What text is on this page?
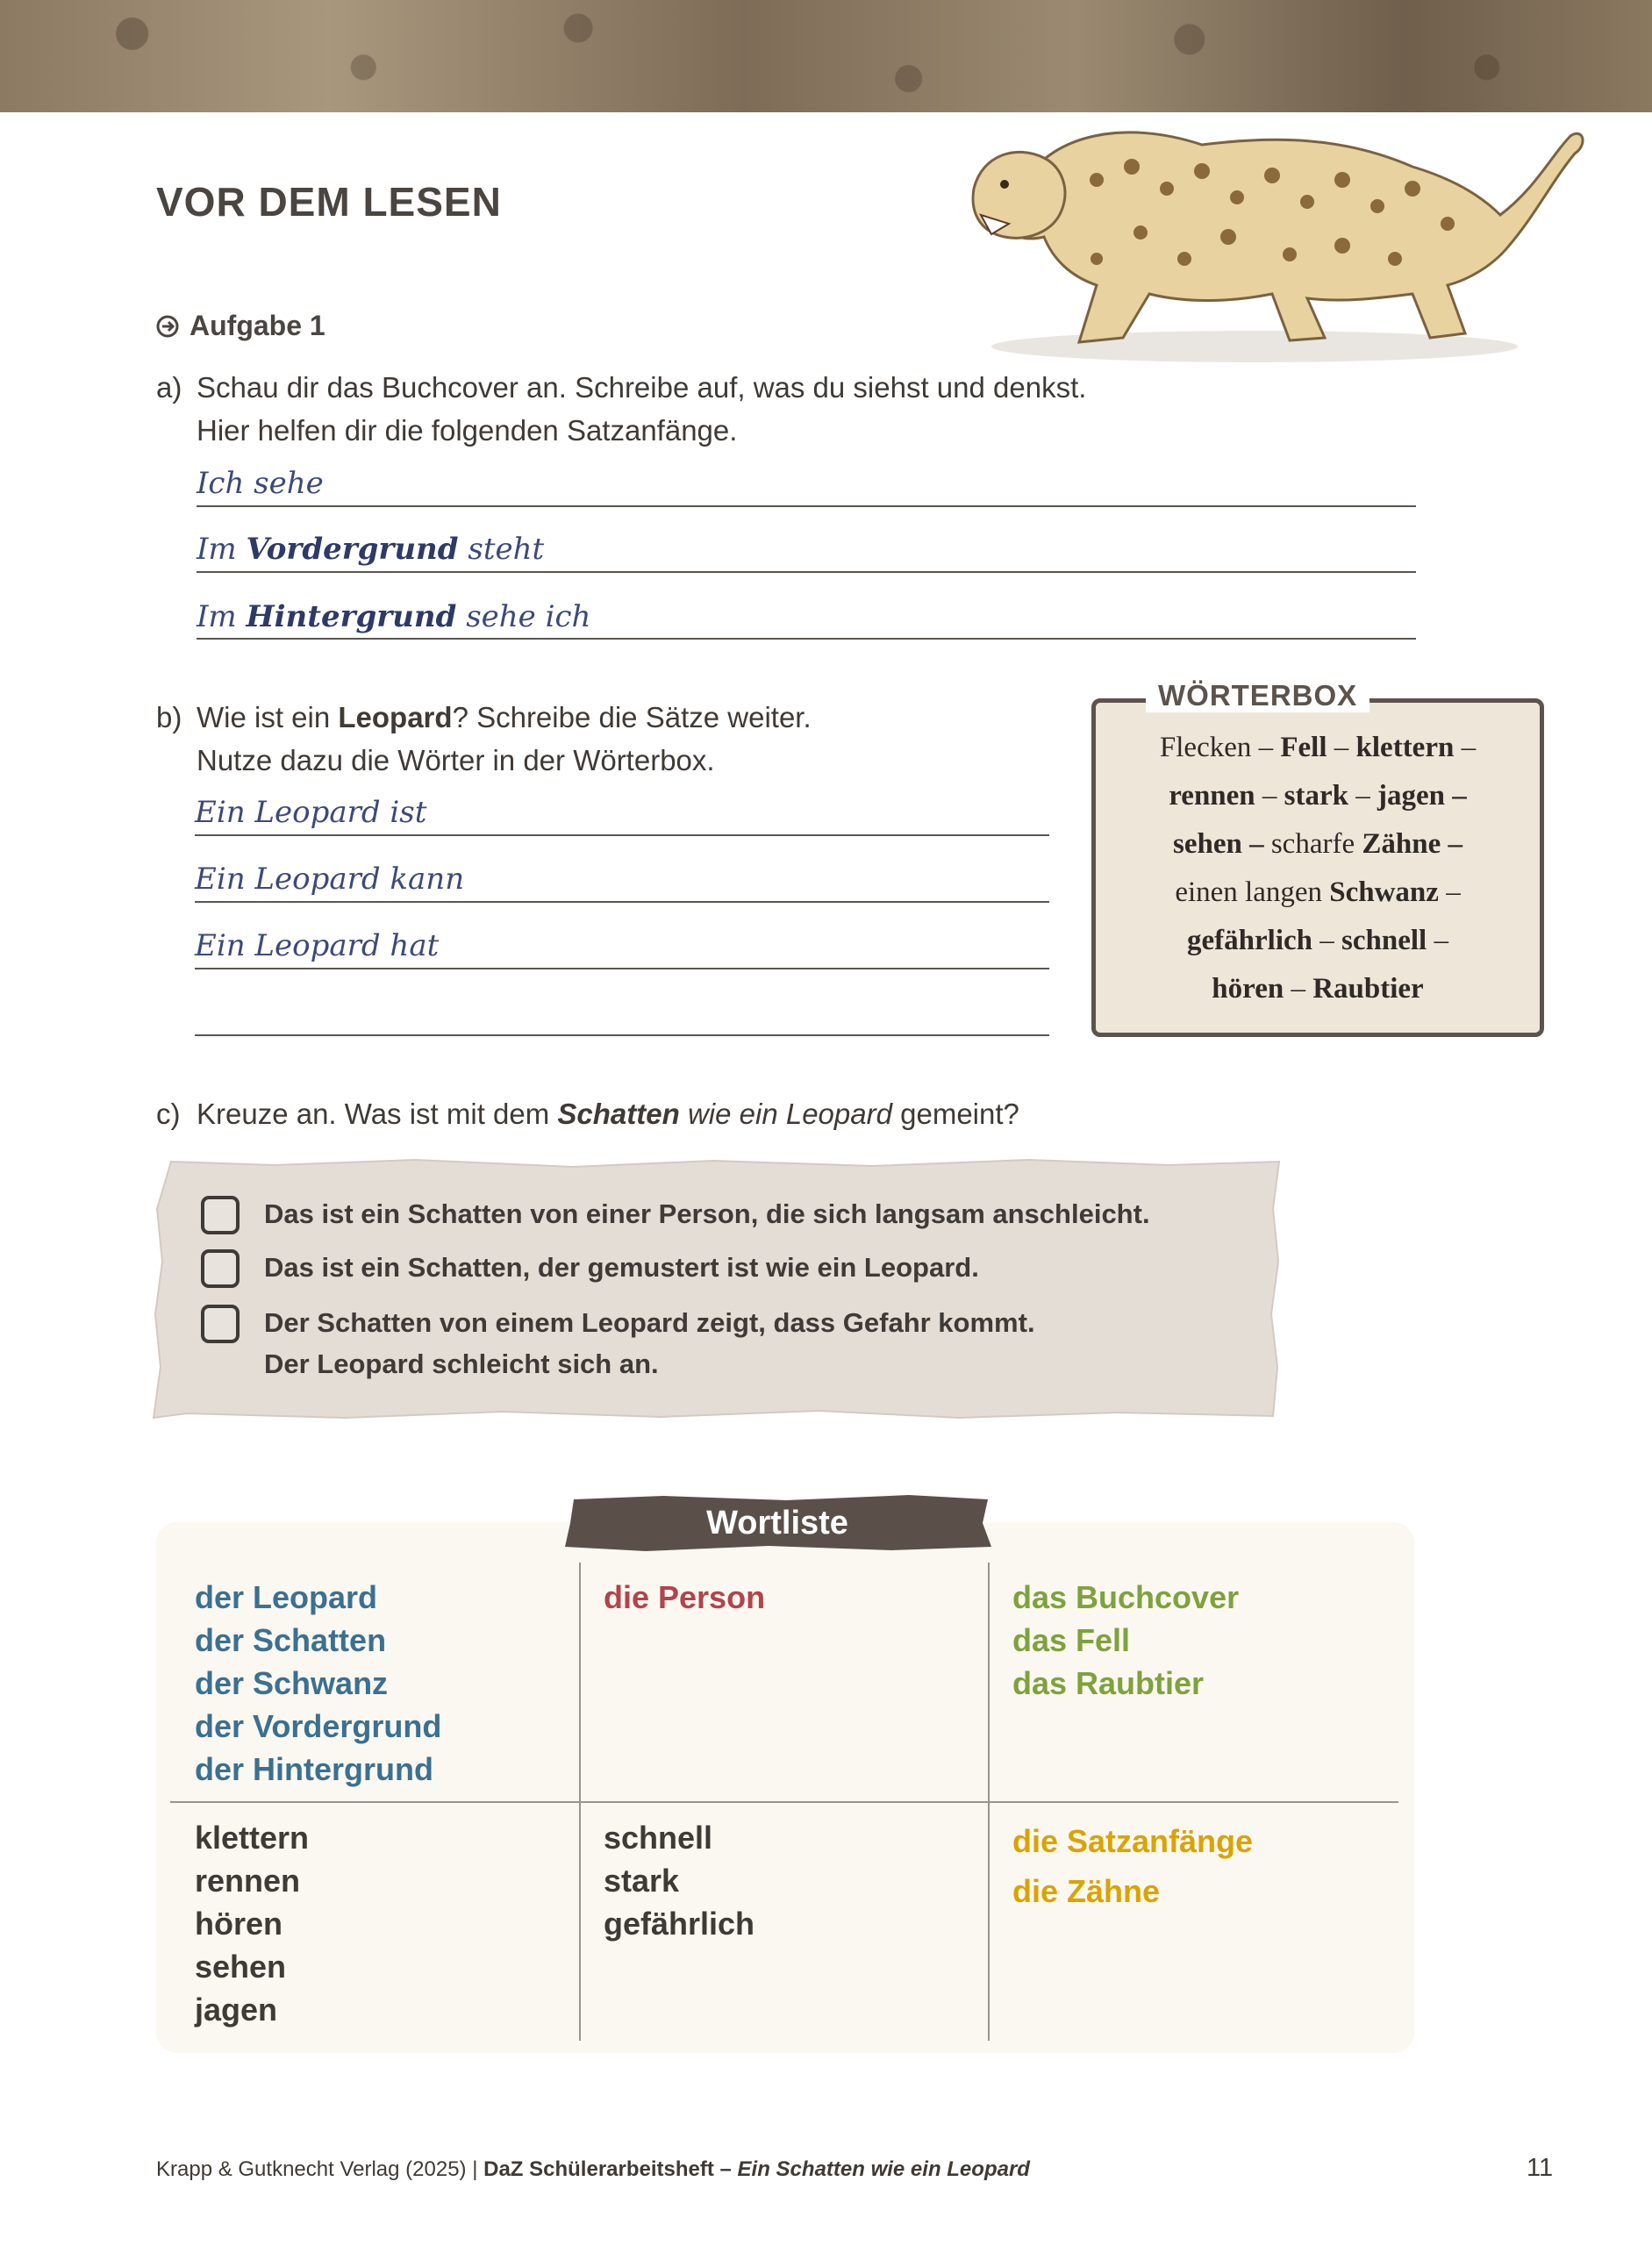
VOR DEM LESEN
Aufgabe 1
a) Schau dir das Buchcover an. Schreibe auf, was du siehst und denkst.
Hier helfen dir die folgenden Satzanfänge.
Ich sehe
Im Vordergrund steht
Im Hintergrund sehe ich
b) Wie ist ein Leopard? Schreibe die Sätze weiter.
Nutze dazu die Wörter in der Wörterbox.
Ein Leopard ist
Ein Leopard kann
Ein Leopard hat
WÖRTERBOX
Flecken – Fell – klettern –
rennen – stark – jagen –
sehen – scharfe Zähne –
einen langen Schwanz –
gefährlich – schnell –
hören – Raubtier
c) Kreuze an. Was ist mit dem Schatten wie ein Leopard gemeint?
Das ist ein Schatten von einer Person, die sich langsam anschleicht.
Das ist ein Schatten, der gemustert ist wie ein Leopard.
Der Schatten von einem Leopard zeigt, dass Gefahr kommt.
Der Leopard schleicht sich an.
Wortliste
der Leopard
der Schatten
der Schwanz
der Vordergrund
der Hintergrund
die Person	das Buchcover
das Fell
das Raubtier
klettern
rennen
hören
sehen
jagen
schnell
stark
gefährlich
die Satzanfänge
die Zähne
Krapp & Gutknecht Verlag (2025) | DaZ Schülerarbeitsheft – Ein Schatten wie ein Leopard	11
